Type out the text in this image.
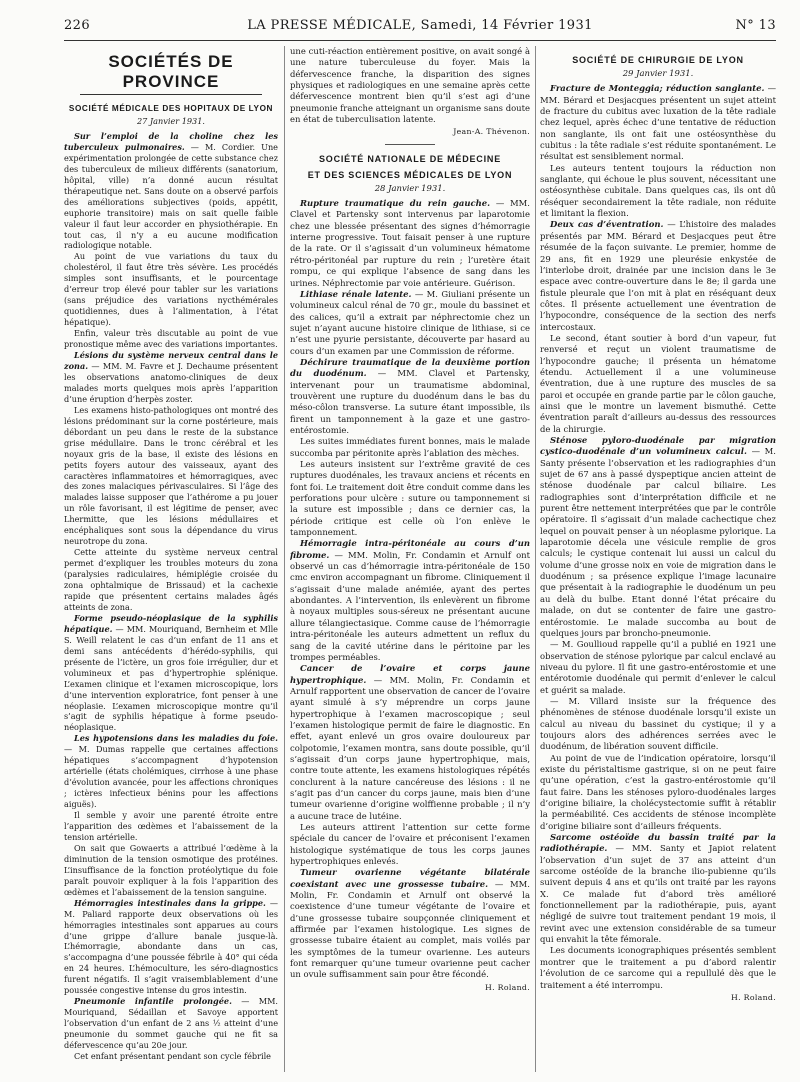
226	LA PRESSE MÉDICALE, Samedi, 14 Février 1931	N° 13
SOCIÉTÉS DE PROVINCE
SOCIÉTÉ MÉDICALE DES HOPITAUX DE LYON
27 Janvier 1931.

Sur l’emploi de la choline chez les tuberculeux pulmonaires. — M. Cordier. Une expérimentation prolongée de cette substance chez des tuberculeux de milieux différents (sanatorium, hôpital, ville) n’a donné aucun résultat thérapeutique net. Sans doute on a observé parfois des améliorations subjectives (poids, appétit, euphorie transitoire) mais on sait quelle faible valeur il faut leur accorder en physiothérapie. En tout cas, il n’y a eu aucune modification radiologique notable.

Au point de vue variations du taux du cholestérol, il faut être très sévère. Les procédés simples sont insuffisants, et le pourcentage d’erreur trop élevé pour tabler sur les variations (sans préjudice des variations nycthémérales quotidiennes, dues à l’alimentation, à l’état hépatique).

Enfin, valeur très discutable au point de vue pronostique même avec des variations importantes.

Lésions du système nerveux central dans le zona. — MM. M. Favre et J. Dechaume présentent les observations anatomo-cliniques de deux malades morts quelques mois après l’apparition d’une éruption d’herpès zoster.

Les examens histo-pathologiques ont montré des lésions prédominant sur la corne postérieure, mais débordant un peu dans le reste de la substance grise médullaire. Dans le tronc cérébral et les noyaux gris de la base, il existe des lésions en petits foyers autour des vaisseaux, ayant des caractères inflammatoires et hémorragiques, avec des zones malaciques périvasculaires. Si l’âge des malades laisse supposer que l’athérome a pu jouer un rôle favorisant, il est légitime de penser, avec Lhermitte, que les lésions médullaires et encéphaliques sont sous la dépendance du virus neurotrope du zona.

Cette atteinte du système nerveux central permet d’expliquer les troubles moteurs du zona (paralysies radiculaires, hémiplégie croisée du zona ophtalmique de Brissaud) et la cachexie rapide que présentent certains malades âgés atteints de zona.

Forme pseudo-néoplasique de la syphilis hépatique. — MM. Mouriquand, Bernheim et Mlle S. Weill relatent le cas d’un enfant de 11 ans et demi sans antécédents d’hérédo-syphilis, qui présente de l’ictère, un gros foie irrégulier, dur et volumineux et pas d’hypertrophie splénique. L’examen clinique et l’examen microscopique, lors d’une intervention exploratrice, font penser à une néoplasie. L’examen microscopique montre qu’il s’agit de syphilis hépatique à forme pseudo-néoplasique.

Les hypotensions dans les maladies du foie. — M. Dumas rappelle que certaines affections hépatiques s’accompagnent d’hypotension artérielle (états cholémiques, cirrhose à une phase d’évolution avancée, pour les affections chroniques ; ictères infectieux bénins pour les affections aiguës).

Il semble y avoir une parenté étroite entre l’apparition des œdèmes et l’abaissement de la tension artérielle.

On sait que Gowaerts a attribué l’œdème à la diminution de la tension osmotique des protéines. L’insuffisance de la fonction protéolytique du foie paraît pouvoir expliquer à la fois l’apparition des œdèmes et l’abaissement de la tension sanguine.

Hémorragies intestinales dans la grippe. — M. Paliard rapporte deux observations où les hémorragies intestinales sont apparues au cours d’une grippe d’allure banale jusque-là. L’hémorragie, abondante dans un cas, s’accompagna d’une poussée fébrile à 40° qui céda en 24 heures. L’hémoculture, les séro-diagnostics furent négatifs. Il s’agit vraisemblablement d’une poussée congestive intense du gros intestin.

Pneumonie infantile prolongée. — MM. Mouriquand, Sédaillan et Savoye apportent l’observation d’un enfant de 2 ans ½ atteint d’une pneumonie du sommet gauche qui ne fit sa défervescence qu’au 20e jour.

Cet enfant présentant pendant son cycle fébrile

une cuti-réaction entièrement positive, on avait songé à une nature tuberculeuse du foyer. Mais la défervescence franche, la disparition des signes physiques et radiologiques en une semaine après cette défervescence montrent bien qu’il s’est agi d’une pneumonie franche atteignant un organisme sans doute en état de tuberculisation latente.

Jean-A. Thévenon.
SOCIÉTÉ NATIONALE DE MÉDECINE
ET DES SCIENCES MÉDICALES DE LYON
28 Janvier 1931.

Rupture traumatique du rein gauche. — MM. Clavel et Partensky sont intervenus par laparotomie chez une blessée présentant des signes d’hémorragie interne progressive. Tout faisait penser à une rupture de la rate. Or il s’agissait d’un volumineux hématome rétro-péritonéal par rupture du rein ; l’uretère était rompu, ce qui explique l’absence de sang dans les urines. Néphrectomie par voie antérieure. Guérison.

Lithiase rénale latente. — M. Giuliani présente un volumineux calcul rénal de 70 gr., moule du bassinet et des calices, qu’il a extrait par néphrectomie chez un sujet n’ayant aucune histoire clinique de lithiase, si ce n’est une pyurie persistante, découverte par hasard au cours d’un examen par une Commission de réforme.

Déchirure traumatique de la deuxième portion du duodénum. — MM. Clavel et Partensky, intervenant pour un traumatisme abdominal, trouvèrent une rupture du duodénum dans le bas du méso-côlon transverse. La suture étant impossible, ils firent un tamponnement à la gaze et une gastro-entérostomie.

Les suites immédiates furent bonnes, mais le malade succomba par péritonite après l’ablation des mèches.

Les auteurs insistent sur l’extrême gravité de ces ruptures duodénales, les travaux anciens et récents en font foi. Le traitement doit être conduit comme dans les perforations pour ulcère : suture ou tamponnement si la suture est impossible ; dans ce dernier cas, la période critique est celle où l’on enlève le tamponnement.

Hémorragie intra-péritonéale au cours d’un fibrome. — MM. Molin, Fr. Condamin et Arnulf ont observé un cas d’hémorragie intra-péritonéale de 150 cmc environ accompagnant un fibrome. Cliniquement il s’agissait d’une malade anémiée, ayant des pertes abondantes. A l’intervention, ils enlevèrent un fibrome à noyaux multiples sous-séreux ne présentant aucune allure télangiectasique. Comme cause de l’hémorragie intra-péritonéale les auteurs admettent un reflux du sang de la cavité utérine dans le péritoine par les trompes perméables.

Cancer de l’ovaire et corps jaune hypertrophique. — MM. Molin, Fr. Condamin et Arnulf rapportent une observation de cancer de l’ovaire ayant simulé à s’y méprendre un corps jaune hypertrophique à l’examen macroscopique ; seul l’examen histologique permit de faire le diagnostic. En effet, ayant enlevé un gros ovaire douloureux par colpotomie, l’examen montra, sans doute possible, qu’il s’agissait d’un corps jaune hypertrophique, mais, contre toute attente, les examens histologiques répétés conclurent à la nature cancéreuse des lésions : il ne s’agit pas d’un cancer du corps jaune, mais bien d’une tumeur ovarienne d’origine wolffienne probable ; il n’y a aucune trace de lutéine.

Les auteurs attirent l’attention sur cette forme spéciale du cancer de l’ovaire et préconisent l’examen histologique systématique de tous les corps jaunes hypertrophiques enlevés.

Tumeur ovarienne végétante bilatérale coexistant avec une grossesse tubaire. — MM. Molin, Fr. Condamin et Arnulf ont observé la coexistence d’une tumeur végétante de l’ovaire et d’une grossesse tubaire soupçonnée cliniquement et affirmée par l’examen histologique. Les signes de grossesse tubaire étaient au complet, mais voilés par les symptômes de la tumeur ovarienne. Les auteurs font remarquer qu’une tumeur ovarienne peut cacher un ovule suffisamment sain pour être fécondé.

H. Roland.
SOCIÉTÉ DE CHIRURGIE DE LYON
29 Janvier 1931.

Fracture de Monteggia; réduction sanglante. — MM. Bérard et Desjacques présentent un sujet atteint de fracture du cubitus avec luxation de la tête radiale chez lequel, après échec d’une tentative de réduction non sanglante, ils ont fait une ostéosynthèse du cubitus : la tête radiale s’est réduite spontanément. Le résultat est sensiblement normal.

Les auteurs tentent toujours la réduction non sanglante, qui échoue le plus souvent, nécessitant une ostéosynthèse cubitale. Dans quelques cas, ils ont dû réséquer secondairement la tête radiale, non réduite et limitant la flexion.

Deux cas d’éventration. — L’histoire des malades présentés par MM. Bérard et Desjacques peut être résumée de la façon suivante. Le premier, homme de 29 ans, fit en 1929 une pleurésie enkystée de l’interlobe droit, drainée par une incision dans le 3e espace avec contre-ouverture dans le 8e; il garda une fistule pleurale que l’on mit à plat en réséquant deux côtes. Il présente actuellement une éventration de l’hypocondre, conséquence de la section des nerfs intercostaux.

Le second, étant soutier à bord d’un vapeur, fut renversé et reçut un violent traumatisme de l’hypocondre gauche; il présenta un hématome étendu. Actuellement il a une volumineuse éventration, due à une rupture des muscles de sa paroi et occupée en grande partie par le côlon gauche, ainsi que le montre un lavement bismuthé. Cette éventration paraît d’ailleurs au-dessus des ressources de la chirurgie.

Sténose pyloro-duodénale par migration cystico-duodénale d’un volumineux calcul. — M. Santy présente l’observation et les radiographies d’un sujet de 67 ans à passé dyspeptique ancien atteint de sténose duodénale par calcul biliaire. Les radiographies sont d’interprétation difficile et ne purent être nettement interprétées que par le contrôle opératoire. Il s’agissait d’un malade cachectique chez lequel on pouvait penser à un néoplasme pylorique. La laparotomie décela une vésicule remplie de gros calculs; le cystique contenait lui aussi un calcul du volume d’une grosse noix en voie de migration dans le duodénum ; sa présence explique l’image lacunaire que présentait à la radiographie le duodénum un peu au delà du bulbe. Etant donné l’état précaire du malade, on dut se contenter de faire une gastro-entérostomie. Le malade succomba au bout de quelques jours par broncho-pneumonie.

— M. Goullioud rappelle qu’il a publié en 1921 une observation de sténose pylorique par calcul enclavé au niveau du pylore. Il fit une gastro-entérostomie et une entérotomie duodénale qui permit d’enlever le calcul et guérit sa malade.

— M. Villard insiste sur la fréquence des phénomènes de sténose duodénale lorsqu’il existe un calcul au niveau du bassinet du cystique; il y a toujours alors des adhérences serrées avec le duodénum, de libération souvent difficile.

Au point de vue de l’indication opératoire, lorsqu’il existe du péristaltisme gastrique, si on ne peut faire qu’une opération, c’est la gastro-entérostomie qu’il faut faire. Dans les sténoses pyloro-duodénales larges d’origine biliaire, la cholécystectomie suffit à rétablir la perméabilité. Ces accidents de sténose incomplète d’origine biliaire sont d’ailleurs fréquents.

Sarcome ostéoïde du bassin traité par la radiothérapie. — MM. Santy et Japiot relatent l’observation d’un sujet de 37 ans atteint d’un sarcome ostéoïde de la branche ilio-pubienne qu’ils suivent depuis 4 ans et qu’ils ont traité par les rayons X. Ce malade fut d’abord très amélioré fonctionnellement par la radiothérapie, puis, ayant négligé de suivre tout traitement pendant 19 mois, il revint avec une extension considérable de sa tumeur qui envahit la tête fémorale.

Les documents iconographiques présentés semblent montrer que le traitement a pu d’abord ralentir l’évolution de ce sarcome qui a repullulé dès que le traitement a été interrompu.

H. Roland.
